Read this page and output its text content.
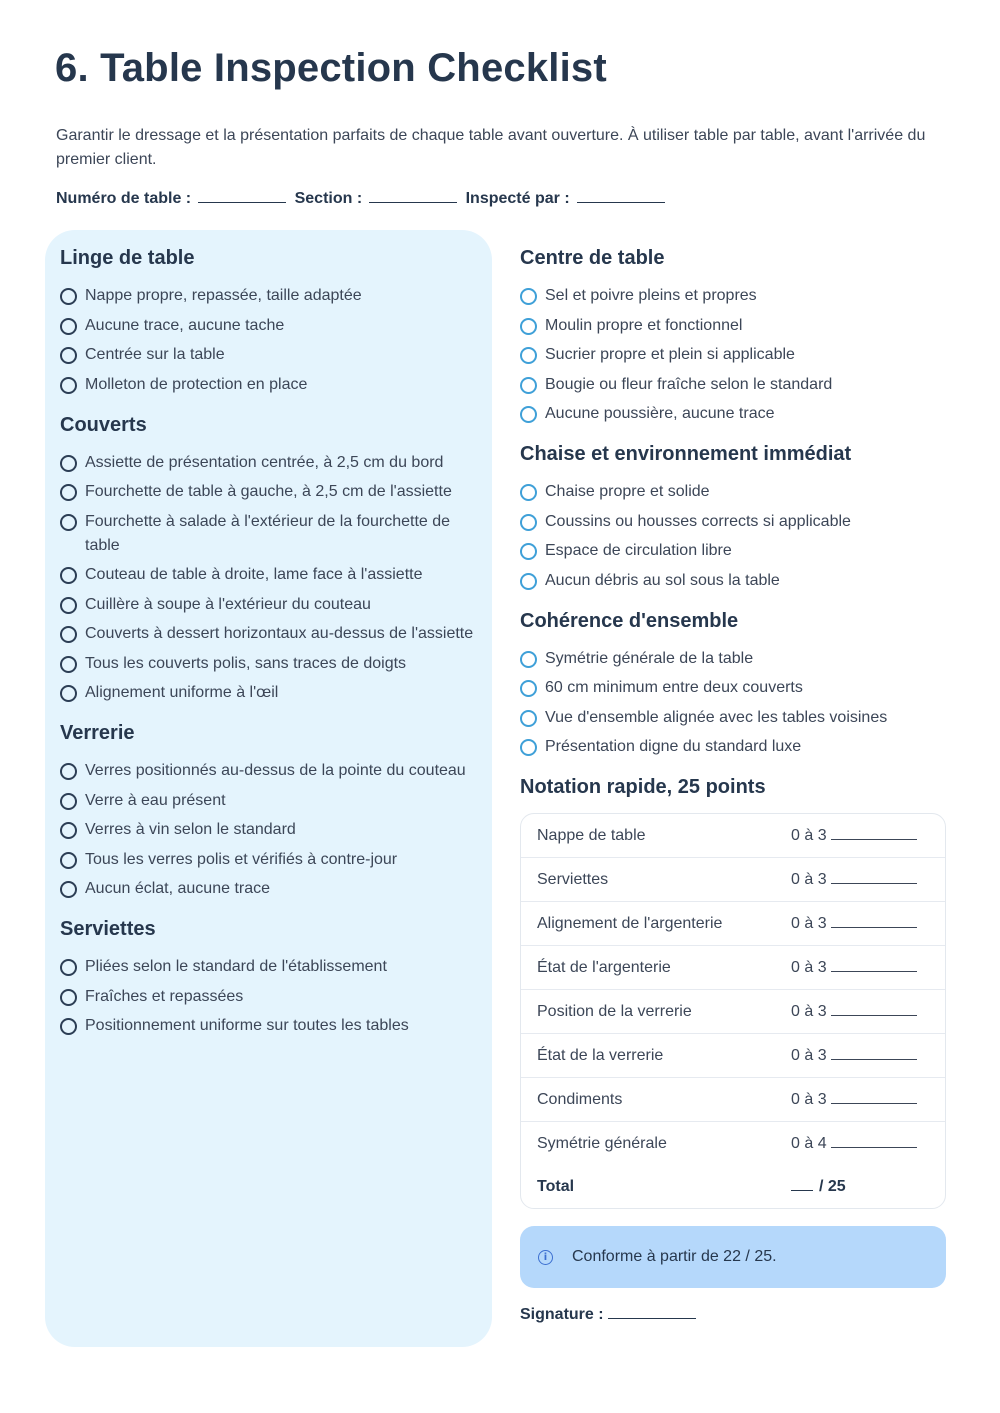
6. Table Inspection Checklist

Garantir le dressage et la présentation parfaits de chaque table avant ouverture. À utiliser table par table, avant l'arrivée du premier client.

Numéro de table :	Section :	Inspecté par :
Linge de table
Nappe propre, repassée, taille adaptée
Aucune trace, aucune tache
Centrée sur la table
Molleton de protection en place
Couverts
Assiette de présentation centrée, à 2,5 cm du bord
Fourchette de table à gauche, à 2,5 cm de l'assiette
Fourchette à salade à l'extérieur de la fourchette de table
Couteau de table à droite, lame face à l'assiette
Cuillère à soupe à l'extérieur du couteau
Couverts à dessert horizontaux au-dessus de l'assiette
Tous les couverts polis, sans traces de doigts
Alignement uniforme à l'œil
Verrerie
Verres positionnés au-dessus de la pointe du couteau
Verre à eau présent
Verres à vin selon le standard
Tous les verres polis et vérifiés à contre-jour
Aucun éclat, aucune trace
Serviettes
Pliées selon le standard de l'établissement
Fraîches et repassées
Positionnement uniforme sur toutes les tables
Centre de table
Sel et poivre pleins et propres
Moulin propre et fonctionnel
Sucrier propre et plein si applicable
Bougie ou fleur fraîche selon le standard
Aucune poussière, aucune trace
Chaise et environnement immédiat
Chaise propre et solide
Coussins ou housses corrects si applicable
Espace de circulation libre
Aucun débris au sol sous la table
Cohérence d'ensemble
Symétrie générale de la table
60 cm minimum entre deux couverts
Vue d'ensemble alignée avec les tables voisines
Présentation digne du standard luxe
Notation rapide, 25 points
Nappe de table	0 à 3
Serviettes	0 à 3
Alignement de l'argenterie	0 à 3
État de l'argenterie	0 à 3
Position de la verrerie	0 à 3
État de la verrerie	0 à 3
Condiments	0 à 3
Symétrie générale	0 à 4
Total	/ 25
i	Conforme à partir de 22 / 25.
Signature :
